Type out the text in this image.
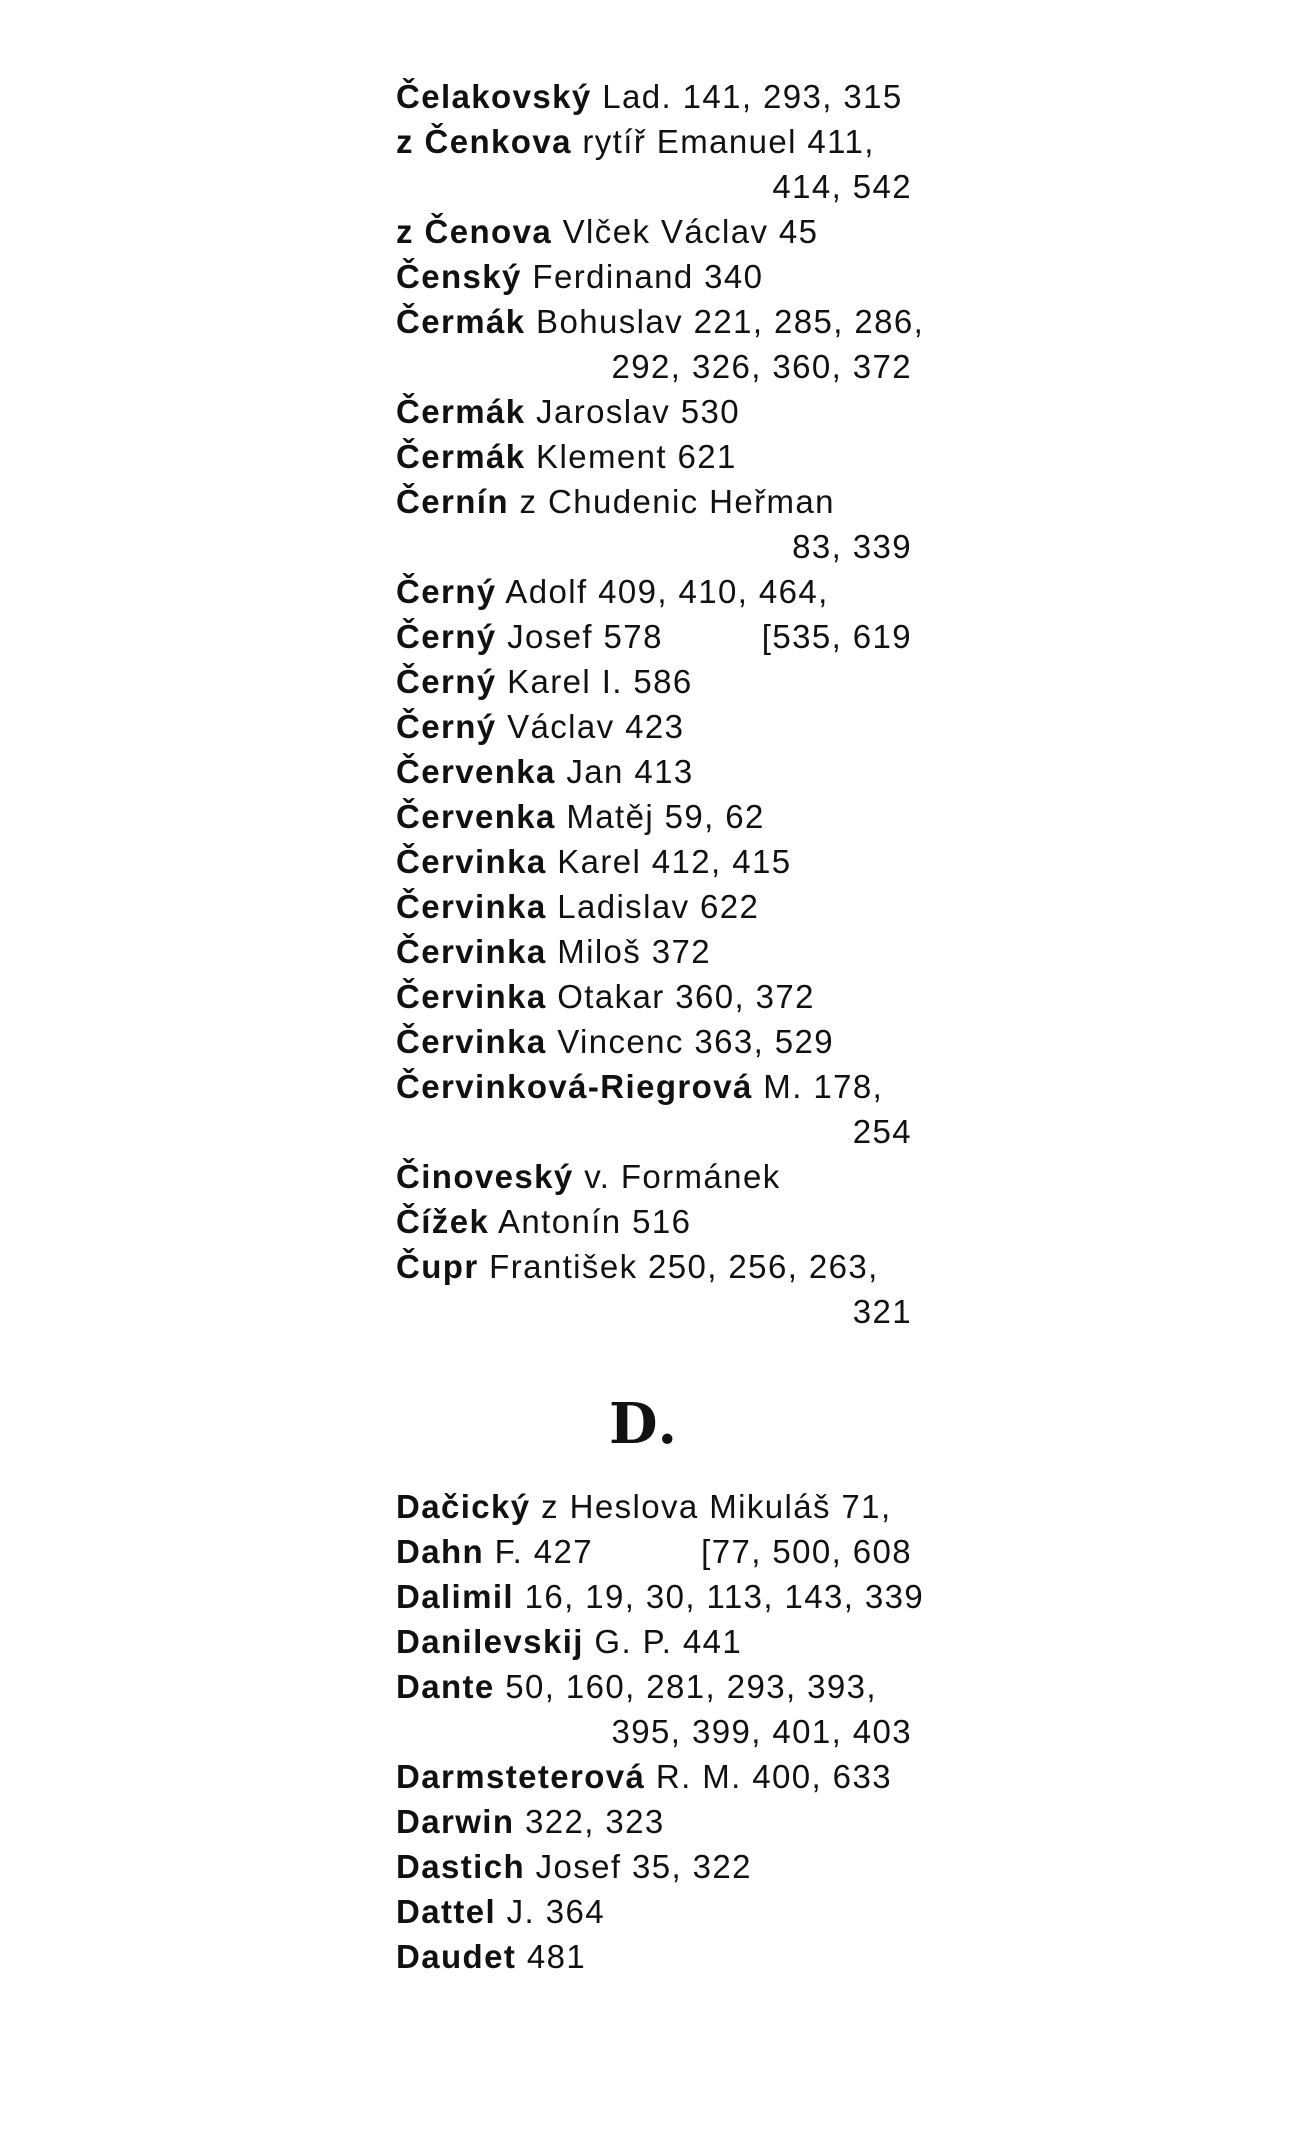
Čelakovský Lad. 141, 293, 315
z Čenkova rytíř Emanuel 411,
414, 542
z Čenova Vlček Václav 45
Čenský Ferdinand 340
Čermák Bohuslav 221, 285, 286,
292, 326, 360, 372
Čermák Jaroslav 530
Čermák Klement 621
Černín z Chudenic Heřman
83, 339
Černý Adolf 409, 410, 464,
Černý Josef 578	[535, 619
Černý Karel I. 586
Černý Václav 423
Červenka Jan 413
Červenka Matěj 59, 62
Červinka Karel 412, 415
Červinka Ladislav 622
Červinka Miloš 372
Červinka Otakar 360, 372
Červinka Vincenc 363, 529
Červinková-Riegrová M. 178,
254
Činoveský v. Formánek
Čížek Antonín 516
Čupr František 250, 256, 263,
321
D.
Dačický z Heslova Mikuláš 71,
Dahn F. 427	[77, 500, 608
Dalimil 16, 19, 30, 113, 143, 339
Danilevskij G. P. 441
Dante 50, 160, 281, 293, 393,
395, 399, 401, 403
Darmsteterová R. M. 400, 633
Darwin 322, 323
Dastich Josef 35, 322
Dattel J. 364
Daudet 481
